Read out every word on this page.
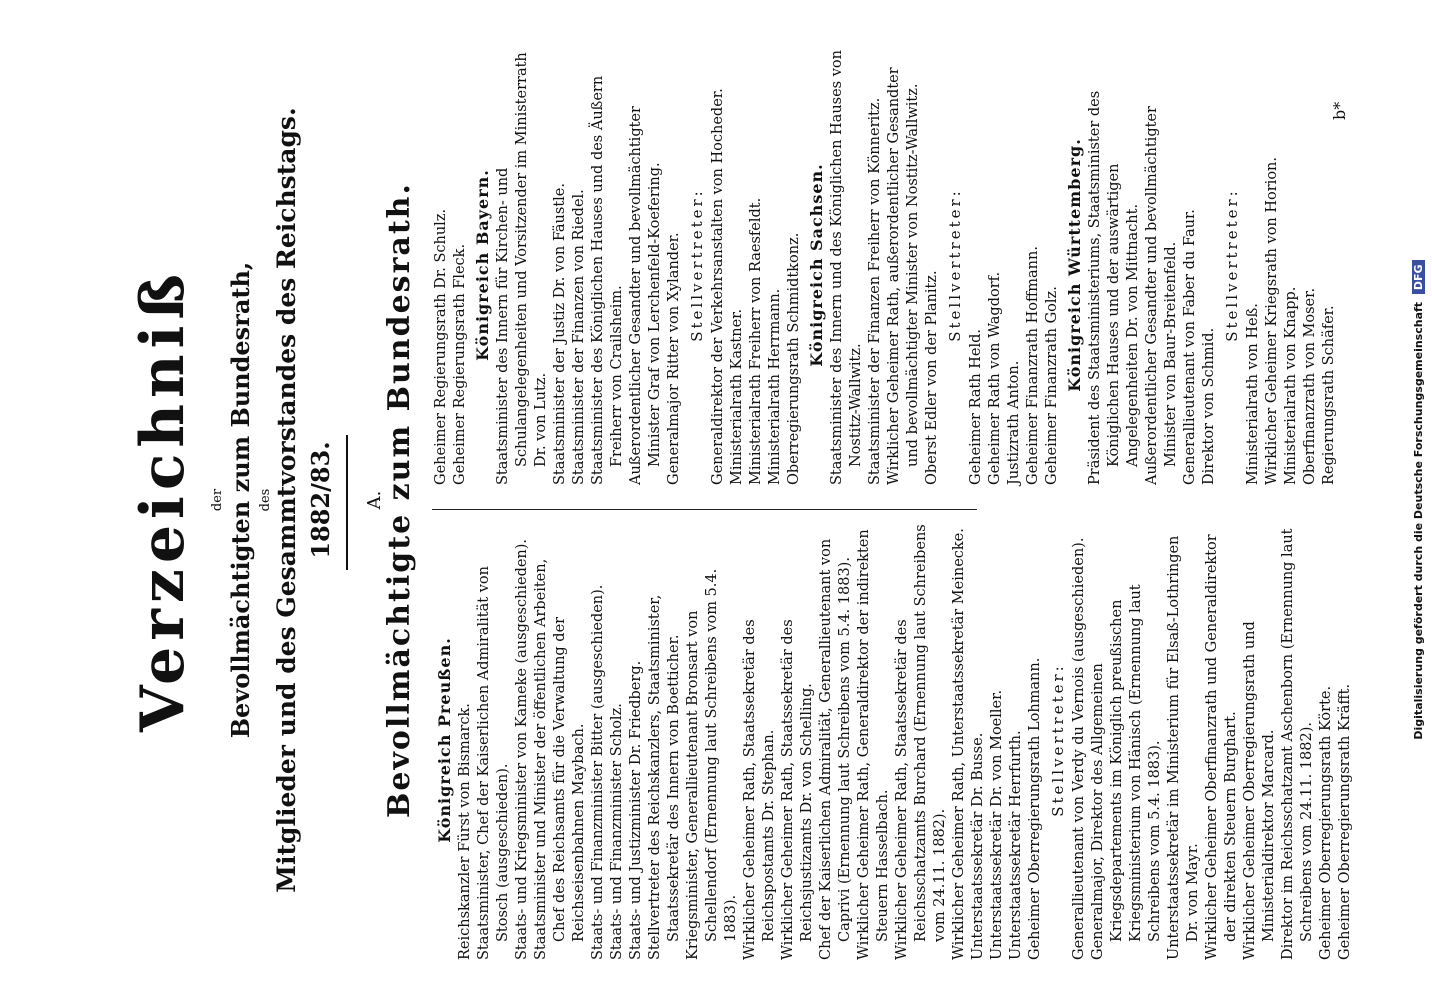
Verzeichniß der Bevollmächtigten zum Bundesrath, des Mitglieder und des Gesammtvorstandes des Reichstags. 1882/83. A.
Bevollmächtigte zum Bundesrath. Königreich Preußen. Reichskanzler Fürst von Bismarck. Staatsminister, Chef der Kaiserlichen Admiralität von Stosch (ausgeschieden). Staats- und Kriegsminister von Kameke (ausgeschieden). Staatsminister und Minister der öffentlichen Arbeiten, Chef des Reichsamts für die Verwaltung der Reichseisenbahnen Maybach. Staats- und Finanzminister Bitter (ausgeschieden). Staats- und Finanzminister Scholz. Staats- und Justizminister Dr. Friedberg. Stellvertreter des Reichskanzlers, Staatsminister, Staatssekretär des Innern von Boetticher. Kriegsminister, Generallieutenant Bronsart von Schellendorf (Ernennung laut Schreibens vom 5.4. 1883). Wirklicher Geheimer Rath, Staatssekretär des Reichspostamts Dr. Stephan. Wirklicher Geheimer Rath, Staatssekretär des Reichsjustizamts Dr. von Schelling. Chef der Kaiserlichen Admiralität, Generallieutenant von Caprivi (Ernennung laut Schreibens vom 5.4. 1883). Wirklicher Geheimer Rath, Generaldirektor der indirekten Steuern Hasselbach. Wirklicher Geheimer Rath, Staatssekretär des Reichsschatzamts Burchard (Ernennung laut Schreibens vom 24.11. 1882). Wirklicher Geheimer Rath, Unterstaatssekretär Meinecke. Unterstaatssekretär Dr. Busse. Unterstaatssekretär Dr. von Moeller. Unterstaatssekretär Herrfurth. Geheimer Oberregierungsrath Lohmann. Stellvertreter: Generallieutenant von Verdy du Vernois (ausgeschieden). Generalmajor, Direktor des Allgemeinen Kriegsdepartements im Königlich preußischen Kriegsministerium von Hänisch (Ernennung laut Schreibens vom 5.4. 1883). Unterstaatssekretär im Ministerium für Elsaß-Lothringen Dr. von Mayr. Wirklicher Geheimer Oberfinanzrath und Generaldirektor der direkten Steuern Burghart. Wirklicher Geheimer Oberregierungsrath und Ministerialdirektor Marcard. Direktor im Reichsschatzamt Aschenborn (Ernennung laut Schreibens vom 24.11. 1882). Geheimer Oberregierungsrath Körte. Geheimer Oberregierungsrath Kräfft.

Geheimer Regierungsrath Dr. Schulz. Geheimer Regierungsrath Fleck. Königreich Bayern. Staatsminister des Innern für Kirchen- und Schulangelegenheiten und Vorsitzender im Ministerrath Dr. von Lutz. Staatsminister der Justiz Dr. von Fäustle. Staatsminister der Finanzen von Riedel. Staatsminister des Königlichen Hauses und des Äußern Freiherr von Crailsheim. Außerordentlicher Gesandter und bevollmächtigter Minister Graf von Lerchenfeld-Koefering. Generalmajor Ritter von Xylander. Stellvertreter: Generaldirektor der Verkehrsanstalten von Hocheder. Ministerialrath Kastner. Ministerialrath Freiherr von Raesfeldt. Ministerialrath Herrmann. Oberregierungsrath Schmidtkonz. Königreich Sachsen. Staatsminister des Innern und des Königlichen Hauses von Nostitz-Wallwitz. Staatsminister der Finanzen Freiherr von Könneritz. Wirklicher Geheimer Rath, außerordentlicher Gesandter und bevollmächtigter Minister von Nostitz-Wallwitz. Oberst Edler von der Planitz.

Stellvertreter:

Geheimer Rath Held. Geheimer Rath von Wagdorf. Justizrath Anton. Geheimer Finanzrath Hoffmann. Geheimer Finanzrath Golz. Königreich Württemberg. Präsident des Staatsministeriums, Staatsminister des Königlichen Hauses und der auswärtigen Angelegenheiten Dr. von Mittnacht. Außerordentlicher Gesandter und bevollmächtigter Minister von Baur-Breitenfeld. Generallieutenant von Faber du Faur. Direktor von Schmid.

Stellvertreter:

Ministerialrath von Heß. Wirklicher Geheimer Kriegsrath von Horion. Ministerialrath von Knapp. Oberfinanzrath von Moser. Regierungsrath Schäfer.

b*
Digitalisierung gefördert durch die Deutsche Forschungsgemeinschaft DFG
